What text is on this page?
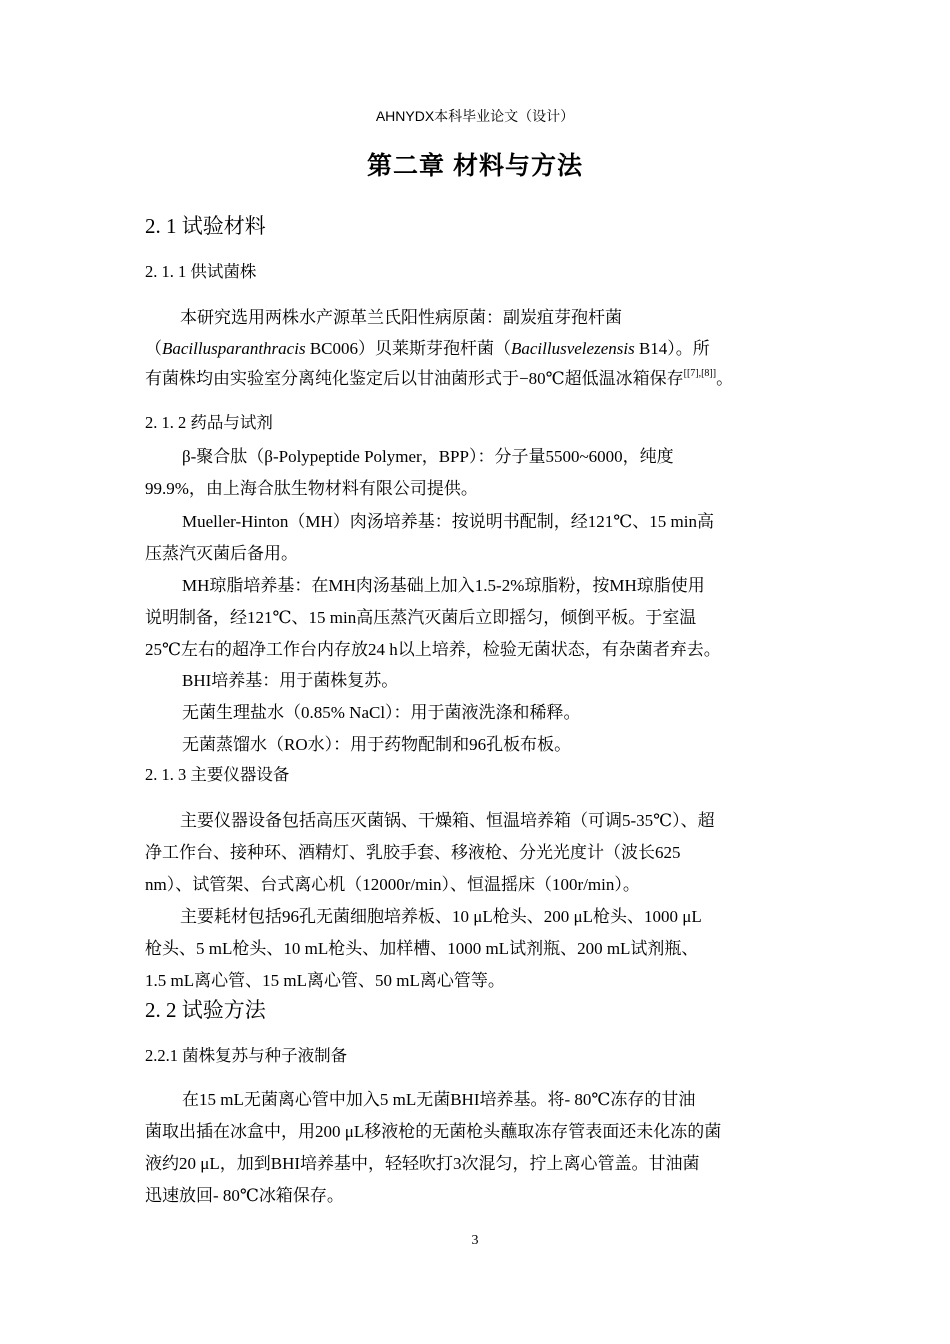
AHNYDX本科毕业论文（设计）
第二章 材料与方法
2. 1 试验材料
2. 1. 1 供试菌株
本研究选用两株水产源革兰氏阳性病原菌：副炭疽芽孢杆菌
（Bacillusparanthracis BC006）贝莱斯芽孢杆菌（Bacillusvelezensis B14）。所
有菌株均由实验室分离纯化鉴定后以甘油菌形式于−80℃超低温冰箱保存[[7],[8]]。
2. 1. 2 药品与试剂
β-聚合肽（β-Polypeptide Polymer，BPP）：分子量5500~6000，纯度
99.9%，由上海合肽生物材料有限公司提供。
Mueller-Hinton（MH）肉汤培养基：按说明书配制，经121℃、15 min高
压蒸汽灭菌后备用。
MH琼脂培养基：在MH肉汤基础上加入1.5-2%琼脂粉，按MH琼脂使用
说明制备，经121℃、15 min高压蒸汽灭菌后立即摇匀，倾倒平板。于室温
25℃左右的超净工作台内存放24 h以上培养，检验无菌状态，有杂菌者弃去。
BHI培养基：用于菌株复苏。
无菌生理盐水（0.85% NaCl）：用于菌液洗涤和稀释。
无菌蒸馏水（RO水）：用于药物配制和96孔板布板。
2. 1. 3 主要仪器设备
主要仪器设备包括高压灭菌锅、干燥箱、恒温培养箱（可调5-35℃）、超
净工作台、接种环、酒精灯、乳胶手套、移液枪、分光光度计（波长625
nm）、试管架、台式离心机（12000r/min）、恒温摇床（100r/min）。
主要耗材包括96孔无菌细胞培养板、10 μL枪头、200 μL枪头、1000 μL
枪头、5 mL枪头、10 mL枪头、加样槽、1000 mL试剂瓶、200 mL试剂瓶、
1.5 mL离心管、15 mL离心管、50 mL离心管等。
2. 2 试验方法
2.2.1 菌株复苏与种子液制备
在15 mL无菌离心管中加入5 mL无菌BHI培养基。将- 80℃冻存的甘油
菌取出插在冰盒中，用200 μL移液枪的无菌枪头蘸取冻存管表面还未化冻的菌
液约20 μL，加到BHI培养基中，轻轻吹打3次混匀，拧上离心管盖。甘油菌
迅速放回- 80℃冰箱保存。
3
